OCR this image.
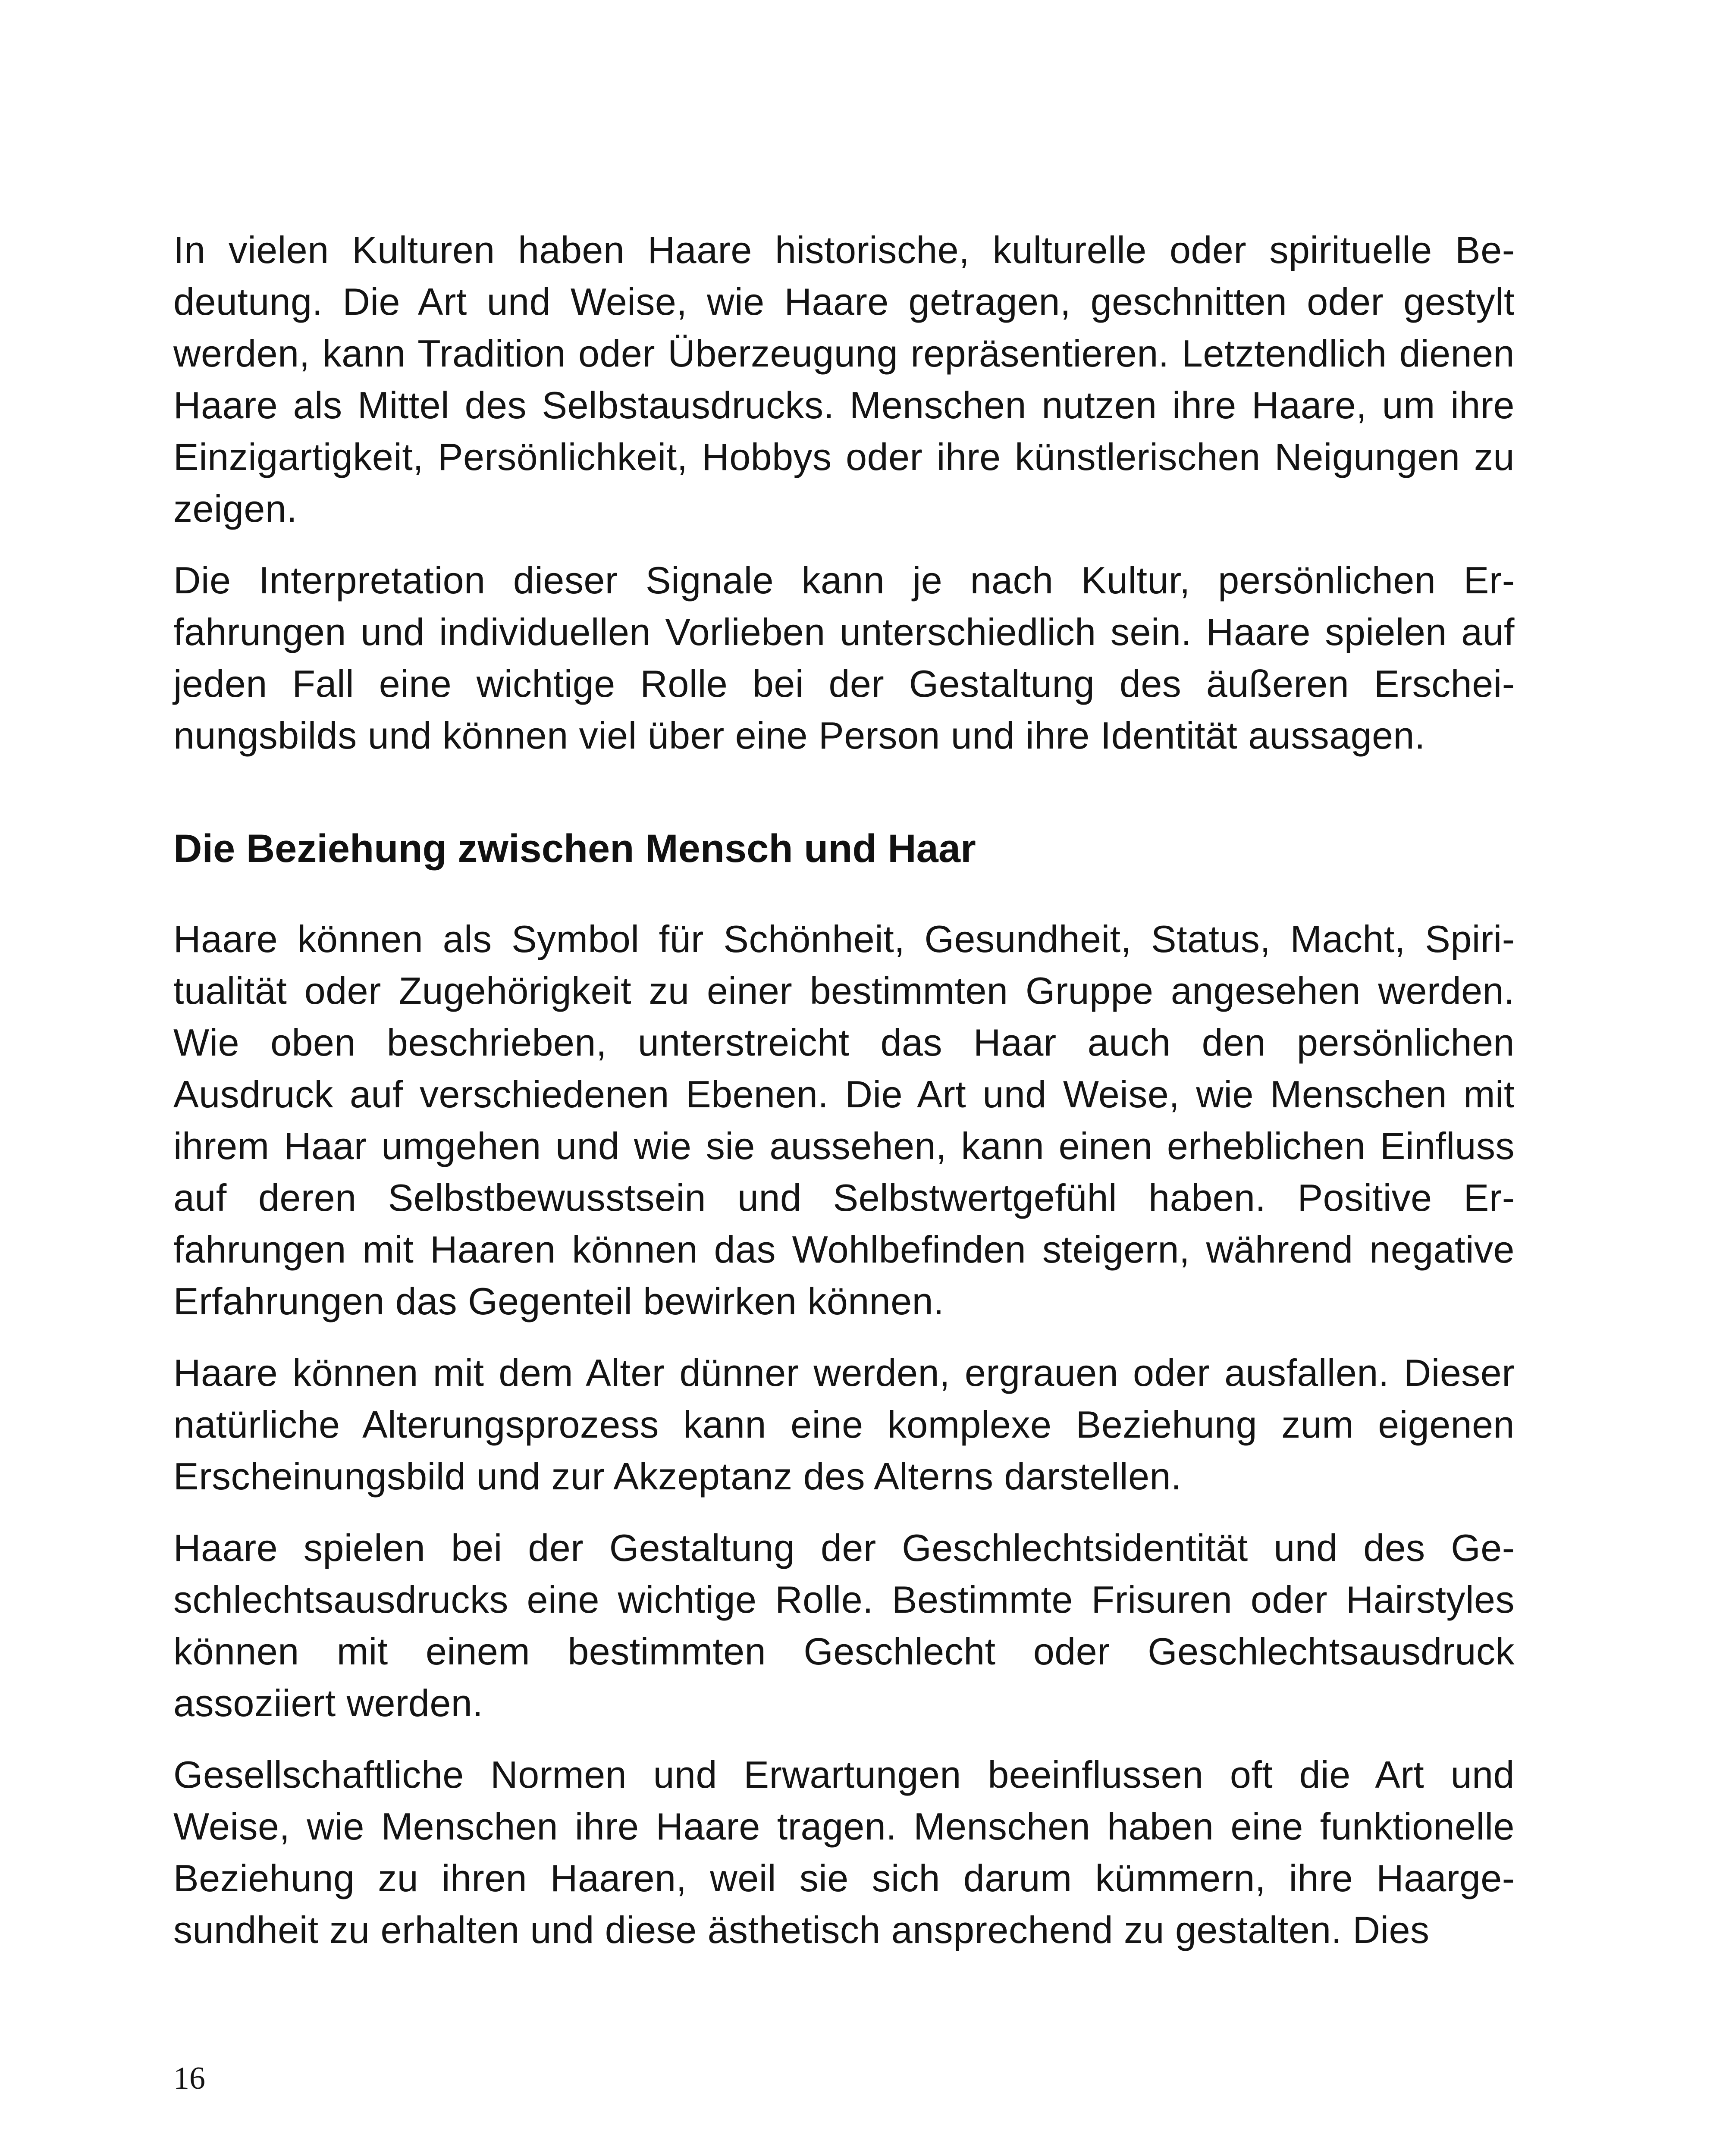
In vielen Kulturen haben Haare historische, kulturelle oder spirituelle Bedeutung. Die Art und Weise, wie Haare getragen, geschnitten oder gestylt werden, kann Tradition oder Überzeugung repräsentieren. Letztendlich dienen Haare als Mittel des Selbstausdrucks. Menschen nutzen ihre Haare, um ihre Einzigartigkeit, Persönlichkeit, Hobbys oder ihre künstlerischen Neigungen zu zeigen.

Die Interpretation dieser Signale kann je nach Kultur, persönlichen Erfahrungen und individuellen Vorlieben unterschiedlich sein. Haare spielen auf jeden Fall eine wichtige Rolle bei der Gestaltung des äußeren Erscheinungsbilds und können viel über eine Person und ihre Identität aussagen.

Die Beziehung zwischen Mensch und Haar

Haare können als Symbol für Schönheit, Gesundheit, Status, Macht, Spiritualität oder Zugehörigkeit zu einer bestimmten Gruppe angesehen werden. Wie oben beschrieben, unterstreicht das Haar auch den persönlichen Ausdruck auf verschiedenen Ebenen. Die Art und Weise, wie Menschen mit ihrem Haar umgehen und wie sie aussehen, kann einen erheblichen Einfluss auf deren Selbstbewusstsein und Selbstwertgefühl haben. Positive Erfahrungen mit Haaren können das Wohlbefinden steigern, während negative Erfahrungen das Gegenteil bewirken können.

Haare können mit dem Alter dünner werden, ergrauen oder ausfallen. Dieser natürliche Alterungsprozess kann eine komplexe Beziehung zum eigenen Erscheinungsbild und zur Akzeptanz des Alterns darstellen.

Haare spielen bei der Gestaltung der Geschlechtsidentität und des Geschlechtsausdrucks eine wichtige Rolle. Bestimmte Frisuren oder Hairstyles können mit einem bestimmten Geschlecht oder Geschlechtsausdruck assoziiert werden.

Gesellschaftliche Normen und Erwartungen beeinflussen oft die Art und Weise, wie Menschen ihre Haare tragen. Menschen haben eine funktionelle Beziehung zu ihren Haaren, weil sie sich darum kümmern, ihre Haargesundheit zu erhalten und diese ästhetisch ansprechend zu gestalten. Dies

16
